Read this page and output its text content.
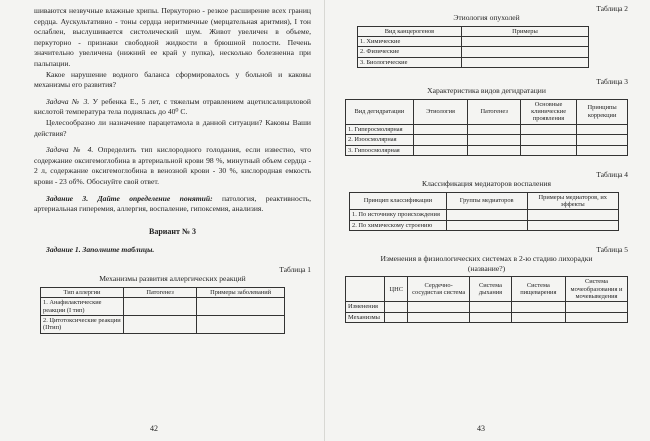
шиваются незвучные влажные хрипы. Перкуторно - резкое расширение всех границ сердца. Аускультативно - тоны сердца неритмичные (мерцательная аритмия), I тон ослаблен, выслушивается систолический шум. Живот увеличен в объеме, перкуторно - признаки свободной жидкости в брюшной полости. Печень значительно увеличена (нижний ее край у пупка), несколько болезненна при пальпации.

Какое нарушение водного баланса сформировалось у больной и каковы механизмы его развития?

Задача № 3. У ребенка Е., 5 лет, с тяжелым отравлением ацетилсалициловой кислотой температура тела поднялась до 40⁰ С.

Целесообразно ли назначение парацетамола в данной ситуации? Каковы Ваши действия?

Задача № 4. Определить тип кислородного голодания, если известно, что содержание оксигемоглобина в артериальной крови 98 %, минутный объем сердца - 2 л, содержание оксигемоглобина в венозной крови - 30 %, кислородная емкость крови - 23 об%. Обоснуйте свой ответ.

Задание 3. Дайте определение понятий: патология, реактивность, артериальная гиперемия, аллергия, воспаление, гипоксемия, анализия.

Вариант № 3

Задание 1. Заполните таблицы.

Таблица 1
Механизмы развития аллергических реакций
Тип аллергии	Патогенез	Примеры заболеваний
1. Анафилактические реакции (I тип)		
2. Цитотоксические реакции (IIтип)		
42
Таблица 2
Этиология опухолей
Вид канцерогенов	Примеры
1. Химические	
2. Физические	
3. Биологические	
Таблица 3
Характеристика видов дегидратации
Вид дегидратации	Этиология	Патогенез	Основные клинические проявления	Принципы коррекции
1. Гиперосмолярная				
2. Изоосмолярная				
3. Гипоосмолярная				
Таблица 4
Классификация медиаторов воспаления
Принцип классификации	Группы медиаторов	Примеры медиаторов, их эффекты
1. По источнику происхождения		
2. По химическому строению		
Таблица 5
Изменения в физиологических системах в 2-ю стадию лихорадки (название?)
	ЦНС	Сердечно-сосудистая система	Система дыхания	Система пищеварения	Система мочеобразования и мочевыведения
Изменения					
Механизмы					
43
